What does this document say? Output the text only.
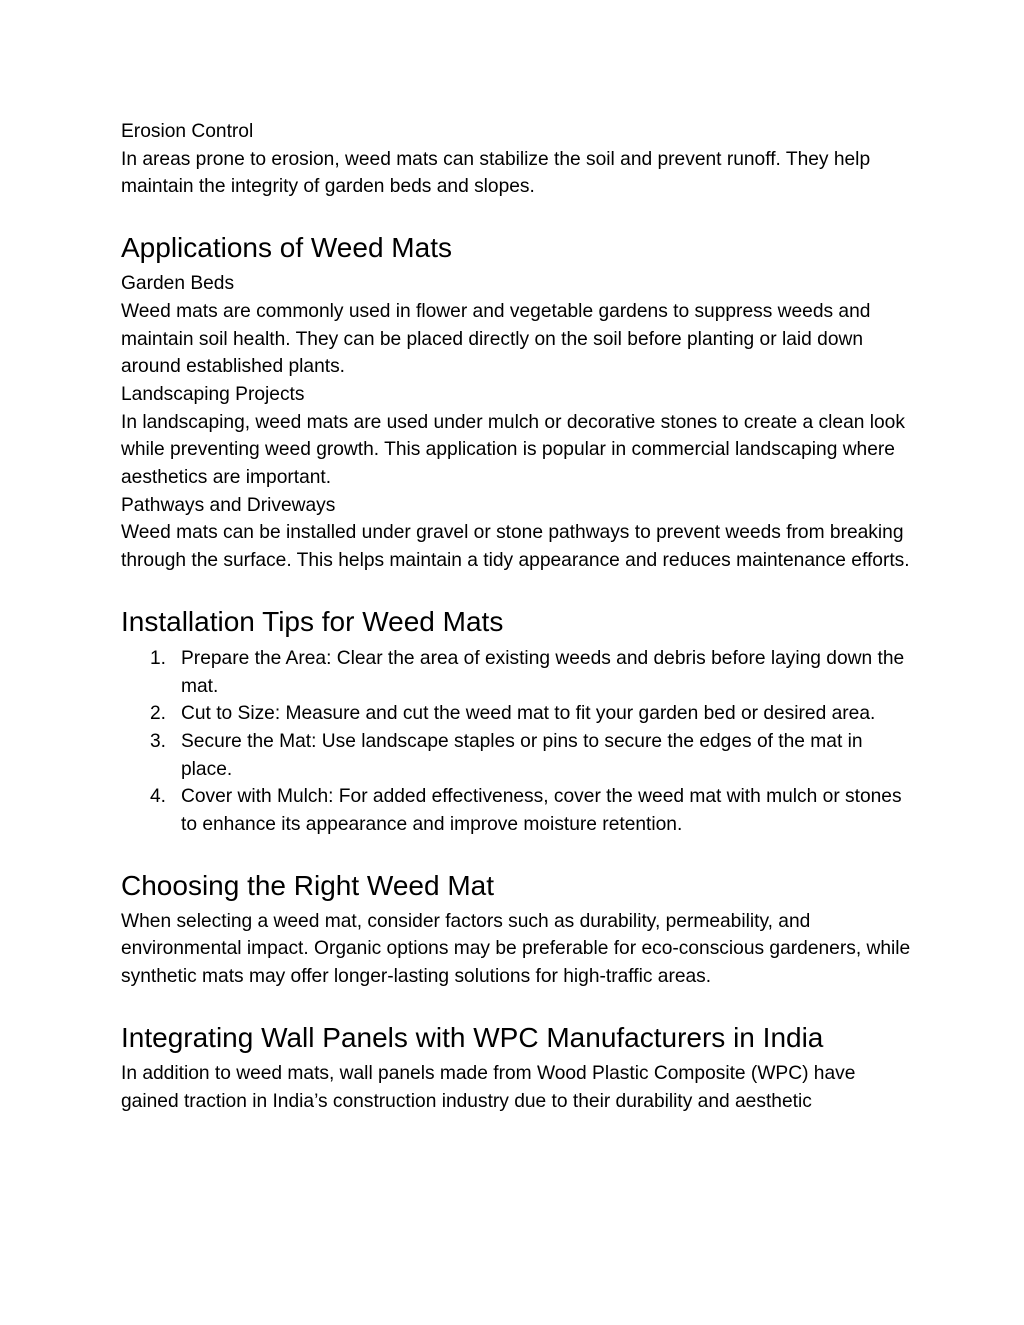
Erosion Control

In areas prone to erosion, weed mats can stabilize the soil and prevent runoff. They help maintain the integrity of garden beds and slopes.

Applications of Weed Mats

Garden Beds

Weed mats are commonly used in flower and vegetable gardens to suppress weeds and maintain soil health. They can be placed directly on the soil before planting or laid down around established plants.

Landscaping Projects

In landscaping, weed mats are used under mulch or decorative stones to create a clean look while preventing weed growth. This application is popular in commercial landscaping where aesthetics are important.

Pathways and Driveways

Weed mats can be installed under gravel or stone pathways to prevent weeds from breaking through the surface. This helps maintain a tidy appearance and reduces maintenance efforts.

Installation Tips for Weed Mats
1. Prepare the Area: Clear the area of existing weeds and debris before laying down the mat.
2. Cut to Size: Measure and cut the weed mat to fit your garden bed or desired area.
3. Secure the Mat: Use landscape staples or pins to secure the edges of the mat in place.
4. Cover with Mulch: For added effectiveness, cover the weed mat with mulch or stones to enhance its appearance and improve moisture retention.
Choosing the Right Weed Mat

When selecting a weed mat, consider factors such as durability, permeability, and environmental impact. Organic options may be preferable for eco-conscious gardeners, while synthetic mats may offer longer-lasting solutions for high-traffic areas.

Integrating Wall Panels with WPC Manufacturers in India

In addition to weed mats, wall panels made from Wood Plastic Composite (WPC) have gained traction in India’s construction industry due to their durability and aesthetic
